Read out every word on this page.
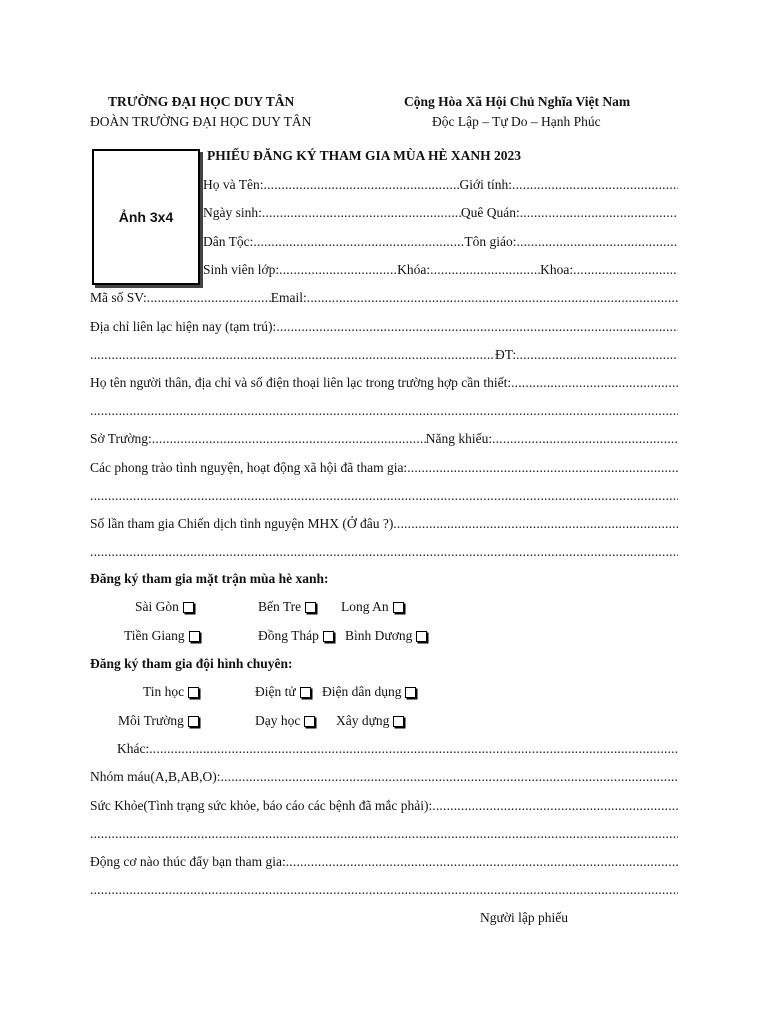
TRƯỜNG ĐẠI HỌC DUY TÂN
ĐOÀN TRƯỜNG ĐẠI HỌC DUY TÂN
Cộng Hòa Xã Hội Chủ Nghĩa Việt Nam
Độc Lập – Tự Do – Hạnh Phúc
Ảnh 3x4
PHIẾU ĐĂNG KÝ THAM GIA MÙA HÈ XANH 2023
Họ và Tên: .....	Giới tính:
.....
Ngày sinh: .....	Quê Quán:
.....
Dân Tộc: .....	Tôn giáo:
.....
Sinh viên lớp: .....	Khóa: .....	Khoa:
.....
Mã số SV: .....	Email:
.....
Địa chỉ liên lạc hiện nay (tạm trú):
.....
.....
ĐT:
.....
Họ tên người thân, địa chỉ và số điện thoại liên lạc trong trường hợp cần thiết:
.....
.....
Sở Trường: .....	Năng khiếu:
.....
Các phong trào tình nguyện, hoạt động xã hội đã tham gia:
.....
.....
Số lần tham gia Chiến dịch tình nguyện MHX (Ở đâu ?)
.....
.....
Đăng ký tham gia mặt trận mùa hè xanh:
Sài Gòn	Bến Tre	Long An
Tiền Giang	Đồng Tháp Bình Dương
Đăng ký tham gia đội hình chuyên:
Tin học	Điện tử Điện dân dụng
Môi Trường	Dạy học	Xây dựng
Khác:
.....
Nhóm máu(A,B,AB,O):
.....
Sức Khỏe(Tình trạng sức khỏe, báo cáo các bệnh đã mắc phải):
.....
.....
Động cơ nào thúc đẩy bạn tham gia:
.....
.....
Người lập phiếu
